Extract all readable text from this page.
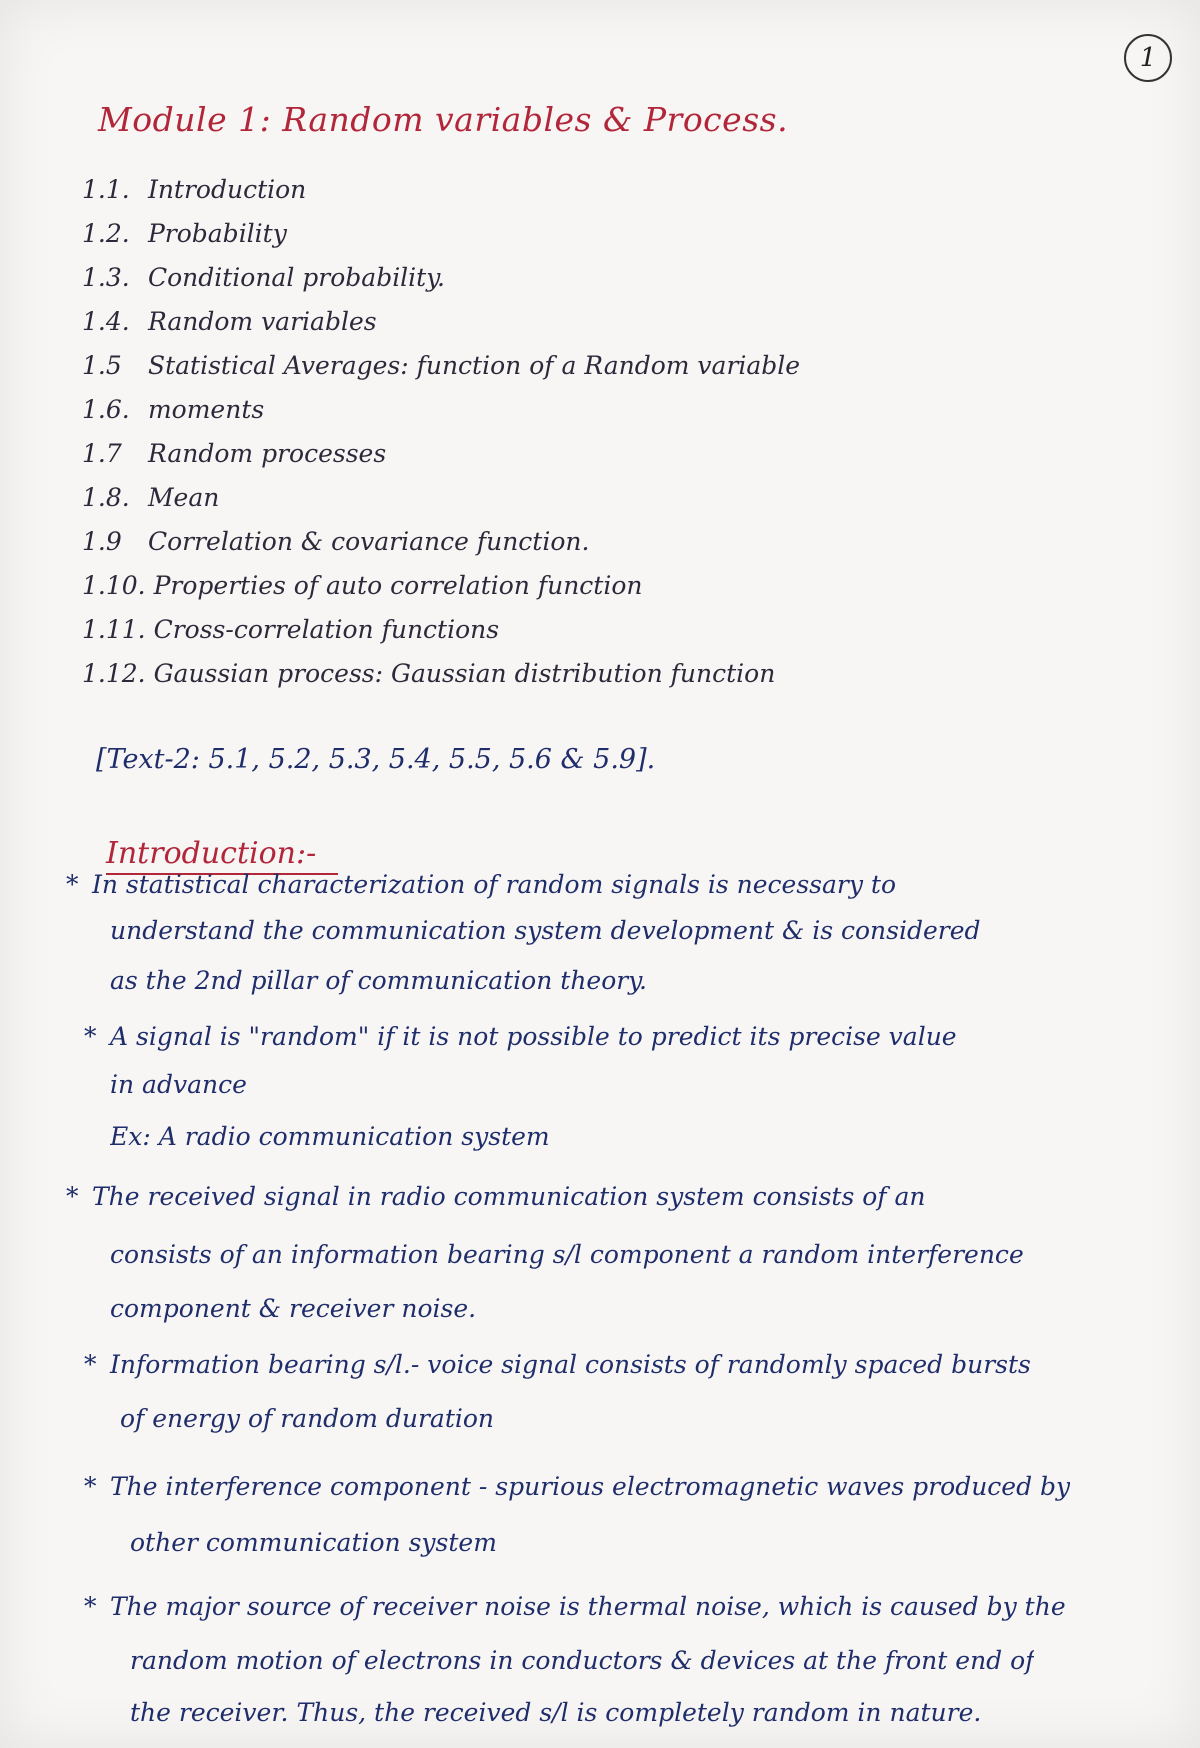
1
Module 1: Random variables & Process.
1.1. Introduction
1.2. Probability
1.3. Conditional probability.
1.4. Random variables
1.5 Statistical Averages: function of a Random variable
1.6. moments
1.7 Random processes
1.8. Mean
1.9 Correlation & covariance function.
1.10. Properties of auto correlation function
1.11. Cross-correlation functions
1.12. Gaussian process: Gaussian distribution function
[Text-2: 5.1, 5.2, 5.3, 5.4, 5.5, 5.6 & 5.9].
Introduction:-
* In statistical characterization of random signals is necessary to
understand the communication system development & is considered
as the 2nd pillar of communication theory.
* A signal is "random" if it is not possible to predict its precise value
in advance
Ex: A radio communication system
* The received signal in radio communication system consists of an
consists of an information bearing s/l component a random interference
component & receiver noise.
* Information bearing s/l.- voice signal consists of randomly spaced bursts
of energy of random duration
* The interference component - spurious electromagnetic waves produced by
other communication system
* The major source of receiver noise is thermal noise, which is caused by the
random motion of electrons in conductors & devices at the front end of
the receiver. Thus, the received s/l is completely random in nature.
